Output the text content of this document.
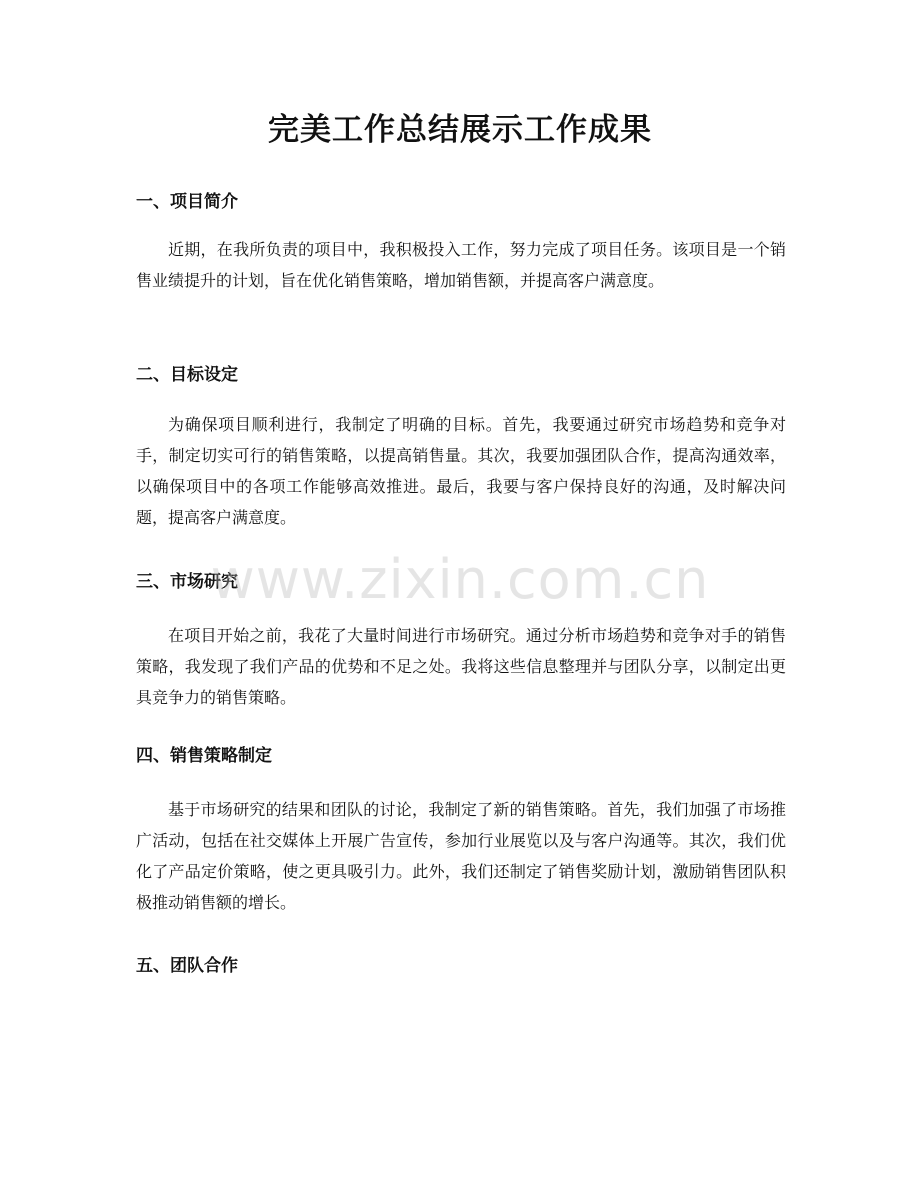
完美工作总结展示工作成果
一、项目简介

近期，在我所负责的项目中，我积极投入工作，努力完成了项目任务。该项目是一个销售业绩提升的计划，旨在优化销售策略，增加销售额，并提高客户满意度。

二、目标设定

为确保项目顺利进行，我制定了明确的目标。首先，我要通过研究市场趋势和竞争对手，制定切实可行的销售策略，以提高销售量。其次，我要加强团队合作，提高沟通效率，以确保项目中的各项工作能够高效推进。最后，我要与客户保持良好的沟通，及时解决问题，提高客户满意度。

三、市场研究

在项目开始之前，我花了大量时间进行市场研究。通过分析市场趋势和竞争对手的销售策略，我发现了我们产品的优势和不足之处。我将这些信息整理并与团队分享，以制定出更具竞争力的销售策略。

四、销售策略制定

基于市场研究的结果和团队的讨论，我制定了新的销售策略。首先，我们加强了市场推广活动，包括在社交媒体上开展广告宣传，参加行业展览以及与客户沟通等。其次，我们优化了产品定价策略，使之更具吸引力。此外，我们还制定了销售奖励计划，激励销售团队积极推动销售额的增长。

五、团队合作
www.zixin.com.cn
